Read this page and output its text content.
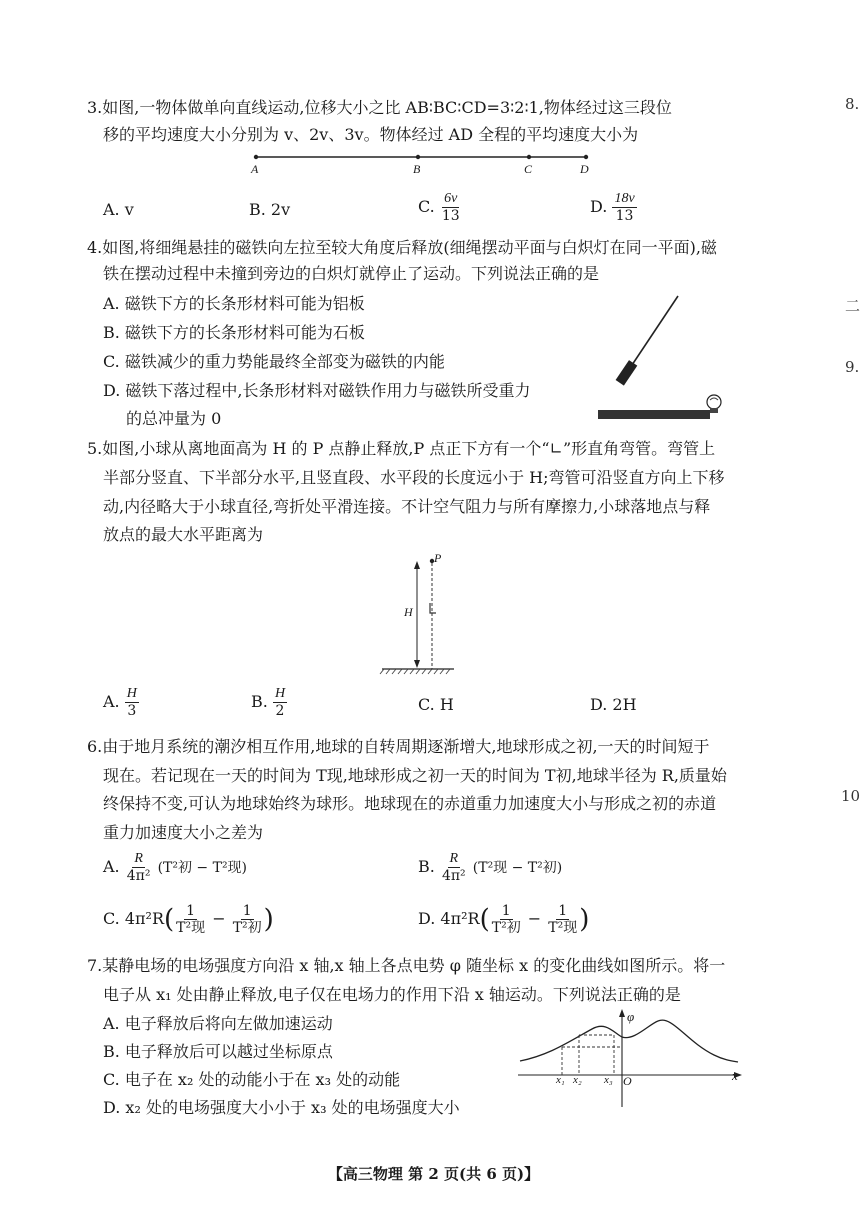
3.如图,一物体做单向直线运动,位移大小之比 AB∶BC∶CD=3∶2∶1,物体经过这三段位
移的平均速度大小分别为 v、2v、3v。物体经过 AD 全程的平均速度大小为
A	B	C	D
A. v	B. 2v	C. $\frac{6v}{13}$	D. $\frac{18v}{13}$
4.如图,将细绳悬挂的磁铁向左拉至较大角度后释放(细绳摆动平面与白炽灯在同一平面),磁
铁在摆动过程中未撞到旁边的白炽灯就停止了运动。下列说法正确的是
A. 磁铁下方的长条形材料可能为铝板
B. 磁铁下方的长条形材料可能为石板
C. 磁铁减少的重力势能最终全部变为磁铁的内能
D. 磁铁下落过程中,长条形材料对磁铁作用力与磁铁所受重力
的总冲量为 0
5.如图,小球从离地面高为 H 的 P 点静止释放,P 点正下方有一个“∟”形直角弯管。弯管上
半部分竖直、下半部分水平,且竖直段、水平段的长度远小于 H;弯管可沿竖直方向上下移
动,内径略大于小球直径,弯折处平滑连接。不计空气阻力与所有摩擦力,小球落地点与释
放点的最大水平距离为
P
H
A. $\frac{H}{3}$	B. $\frac{H}{2}$	C. H	D. 2H
6.由于地月系统的潮汐相互作用,地球的自转周期逐渐增大,地球形成之初,一天的时间短于
现在。若记现在一天的时间为 T现,地球形成之初一天的时间为 T初,地球半径为 R,质量始
终保持不变,可认为地球始终为球形。地球现在的赤道重力加速度大小与形成之初的赤道
重力加速度大小之差为
A. $\frac{R}{\text{4π²}} (T^2$初 − T²现)	B. $\frac{R}{\text{4π²}} (T^2$现 − T²初)
C. $4\pi^2R( \frac{1}{\text{T²现}} - \frac{1}{\text{T²初}}$ )	D. $4\pi^2R( \frac{1}{\text{T²初}} - \frac{1}{\text{T²现}}$ )
7.某静电场的电场强度方向沿 x 轴,x 轴上各点电势 φ 随坐标 x 的变化曲线如图所示。将一
电子从 x₁ 处由静止释放,电子仅在电场力的作用下沿 x 轴运动。下列说法正确的是
A. 电子释放后将向左做加速运动
B. 电子释放后可以越过坐标原点
C. 电子在 x₂ 处的动能小于在 x₃ 处的动能
D. x₂ 处的电场强度大小小于 x₃ 处的电场强度大小
φ
x
O
x₁ x₂ x₃
【高三物理 第 2 页(共 6 页)】
8.
二
9.
10
